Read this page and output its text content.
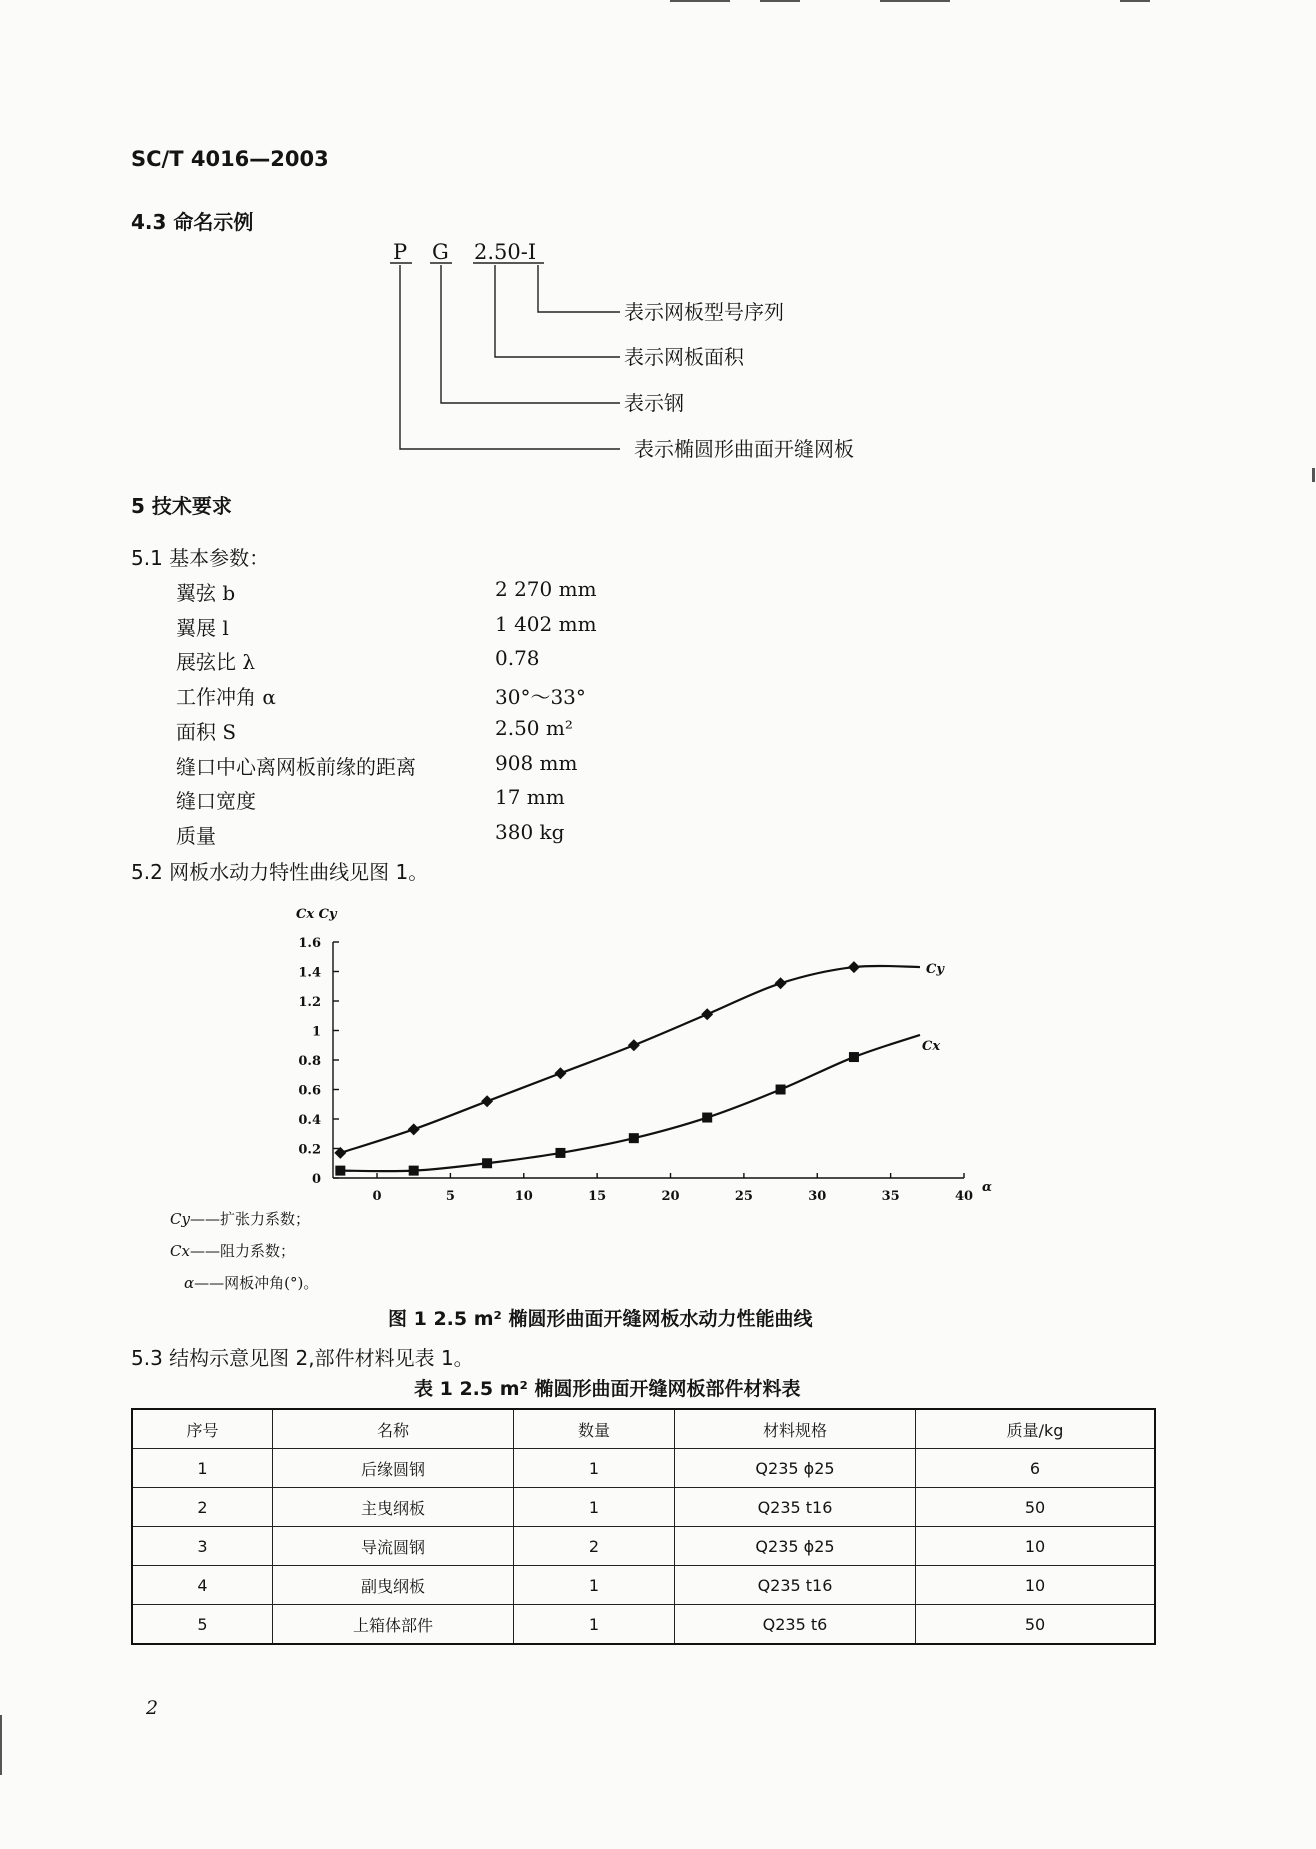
SC/T 4016—2003
4.3 命名示例
P G 2.50-I
表示网板型号序列
表示网板面积
表示钢
表示椭圆形曲面开缝网板
5 技术要求
5.1 基本参数：
翼弦 b	2 270 mm
翼展 l	1 402 mm
展弦比 λ	0.78
工作冲角 α	30°～33°
面积 S	2.50 m²
缝口中心离网板前缘的距离	908 mm
缝口宽度	17 mm
质量	380 kg
5.2 网板水动力特性曲线见图 1。
0
0.2
0.4
0.6
0.8
1
1.2
1.4
1.6
0	5	10	15	20	25	30	35	40
Cx Cy
α
Cy
Cx
Cy——扩张力系数；
Cx——阻力系数；
α——网板冲角(°)。
图 1 2.5 m² 椭圆形曲面开缝网板水动力性能曲线
5.3 结构示意见图 2,部件材料见表 1。
表 1 2.5 m² 椭圆形曲面开缝网板部件材料表
序号	名称	数量	材料规格	质量/kg
1	后缘圆钢	1	Q235 ϕ25	6
2	主曳纲板	1	Q235 t16	50
3	导流圆钢	2	Q235 ϕ25	10
4	副曳纲板	1	Q235 t16	10
5	上箱体部件	1	Q235 t6	50
2
